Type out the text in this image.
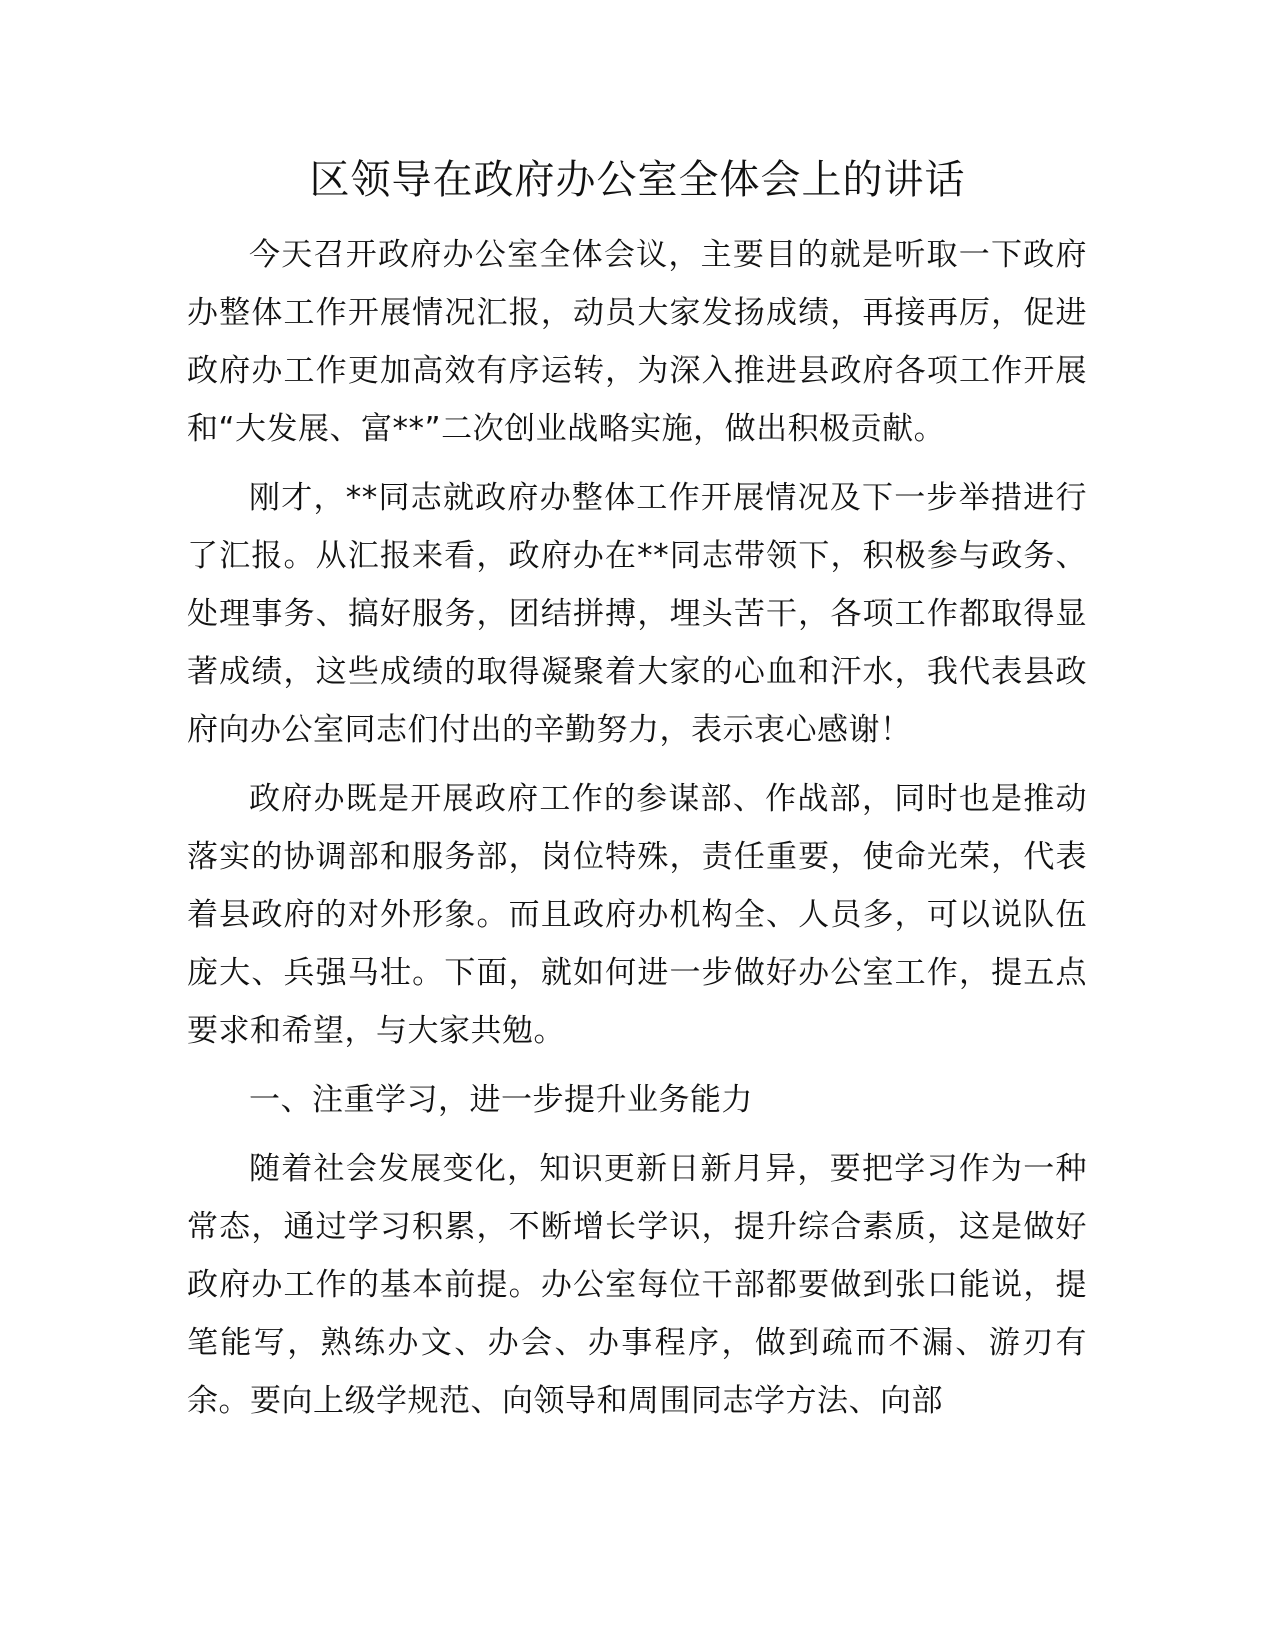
区领导在政府办公室全体会上的讲话

今天召开政府办公室全体会议，主要目的就是听取一下政府办整体工作开展情况汇报，动员大家发扬成绩，再接再厉，促进政府办工作更加高效有序运转，为深入推进县政府各项工作开展和“大发展、富**”二次创业战略实施，做出积极贡献。

刚才，**同志就政府办整体工作开展情况及下一步举措进行了汇报。从汇报来看，政府办在**同志带领下，积极参与政务、处理事务、搞好服务，团结拼搏，埋头苦干，各项工作都取得显著成绩，这些成绩的取得凝聚着大家的心血和汗水，我代表县政府向办公室同志们付出的辛勤努力，表示衷心感谢！

政府办既是开展政府工作的参谋部、作战部，同时也是推动落实的协调部和服务部，岗位特殊，责任重要，使命光荣，代表着县政府的对外形象。而且政府办机构全、人员多，可以说队伍庞大、兵强马壮。下面，就如何进一步做好办公室工作，提五点要求和希望，与大家共勉。

一、注重学习，进一步提升业务能力

随着社会发展变化，知识更新日新月异，要把学习作为一种常态，通过学习积累，不断增长学识，提升综合素质，这是做好政府办工作的基本前提。办公室每位干部都要做到张口能说，提笔能写，熟练办文、办会、办事程序，做到疏而不漏、游刃有余。要向上级学规范、向领导和周围同志学方法、向部
